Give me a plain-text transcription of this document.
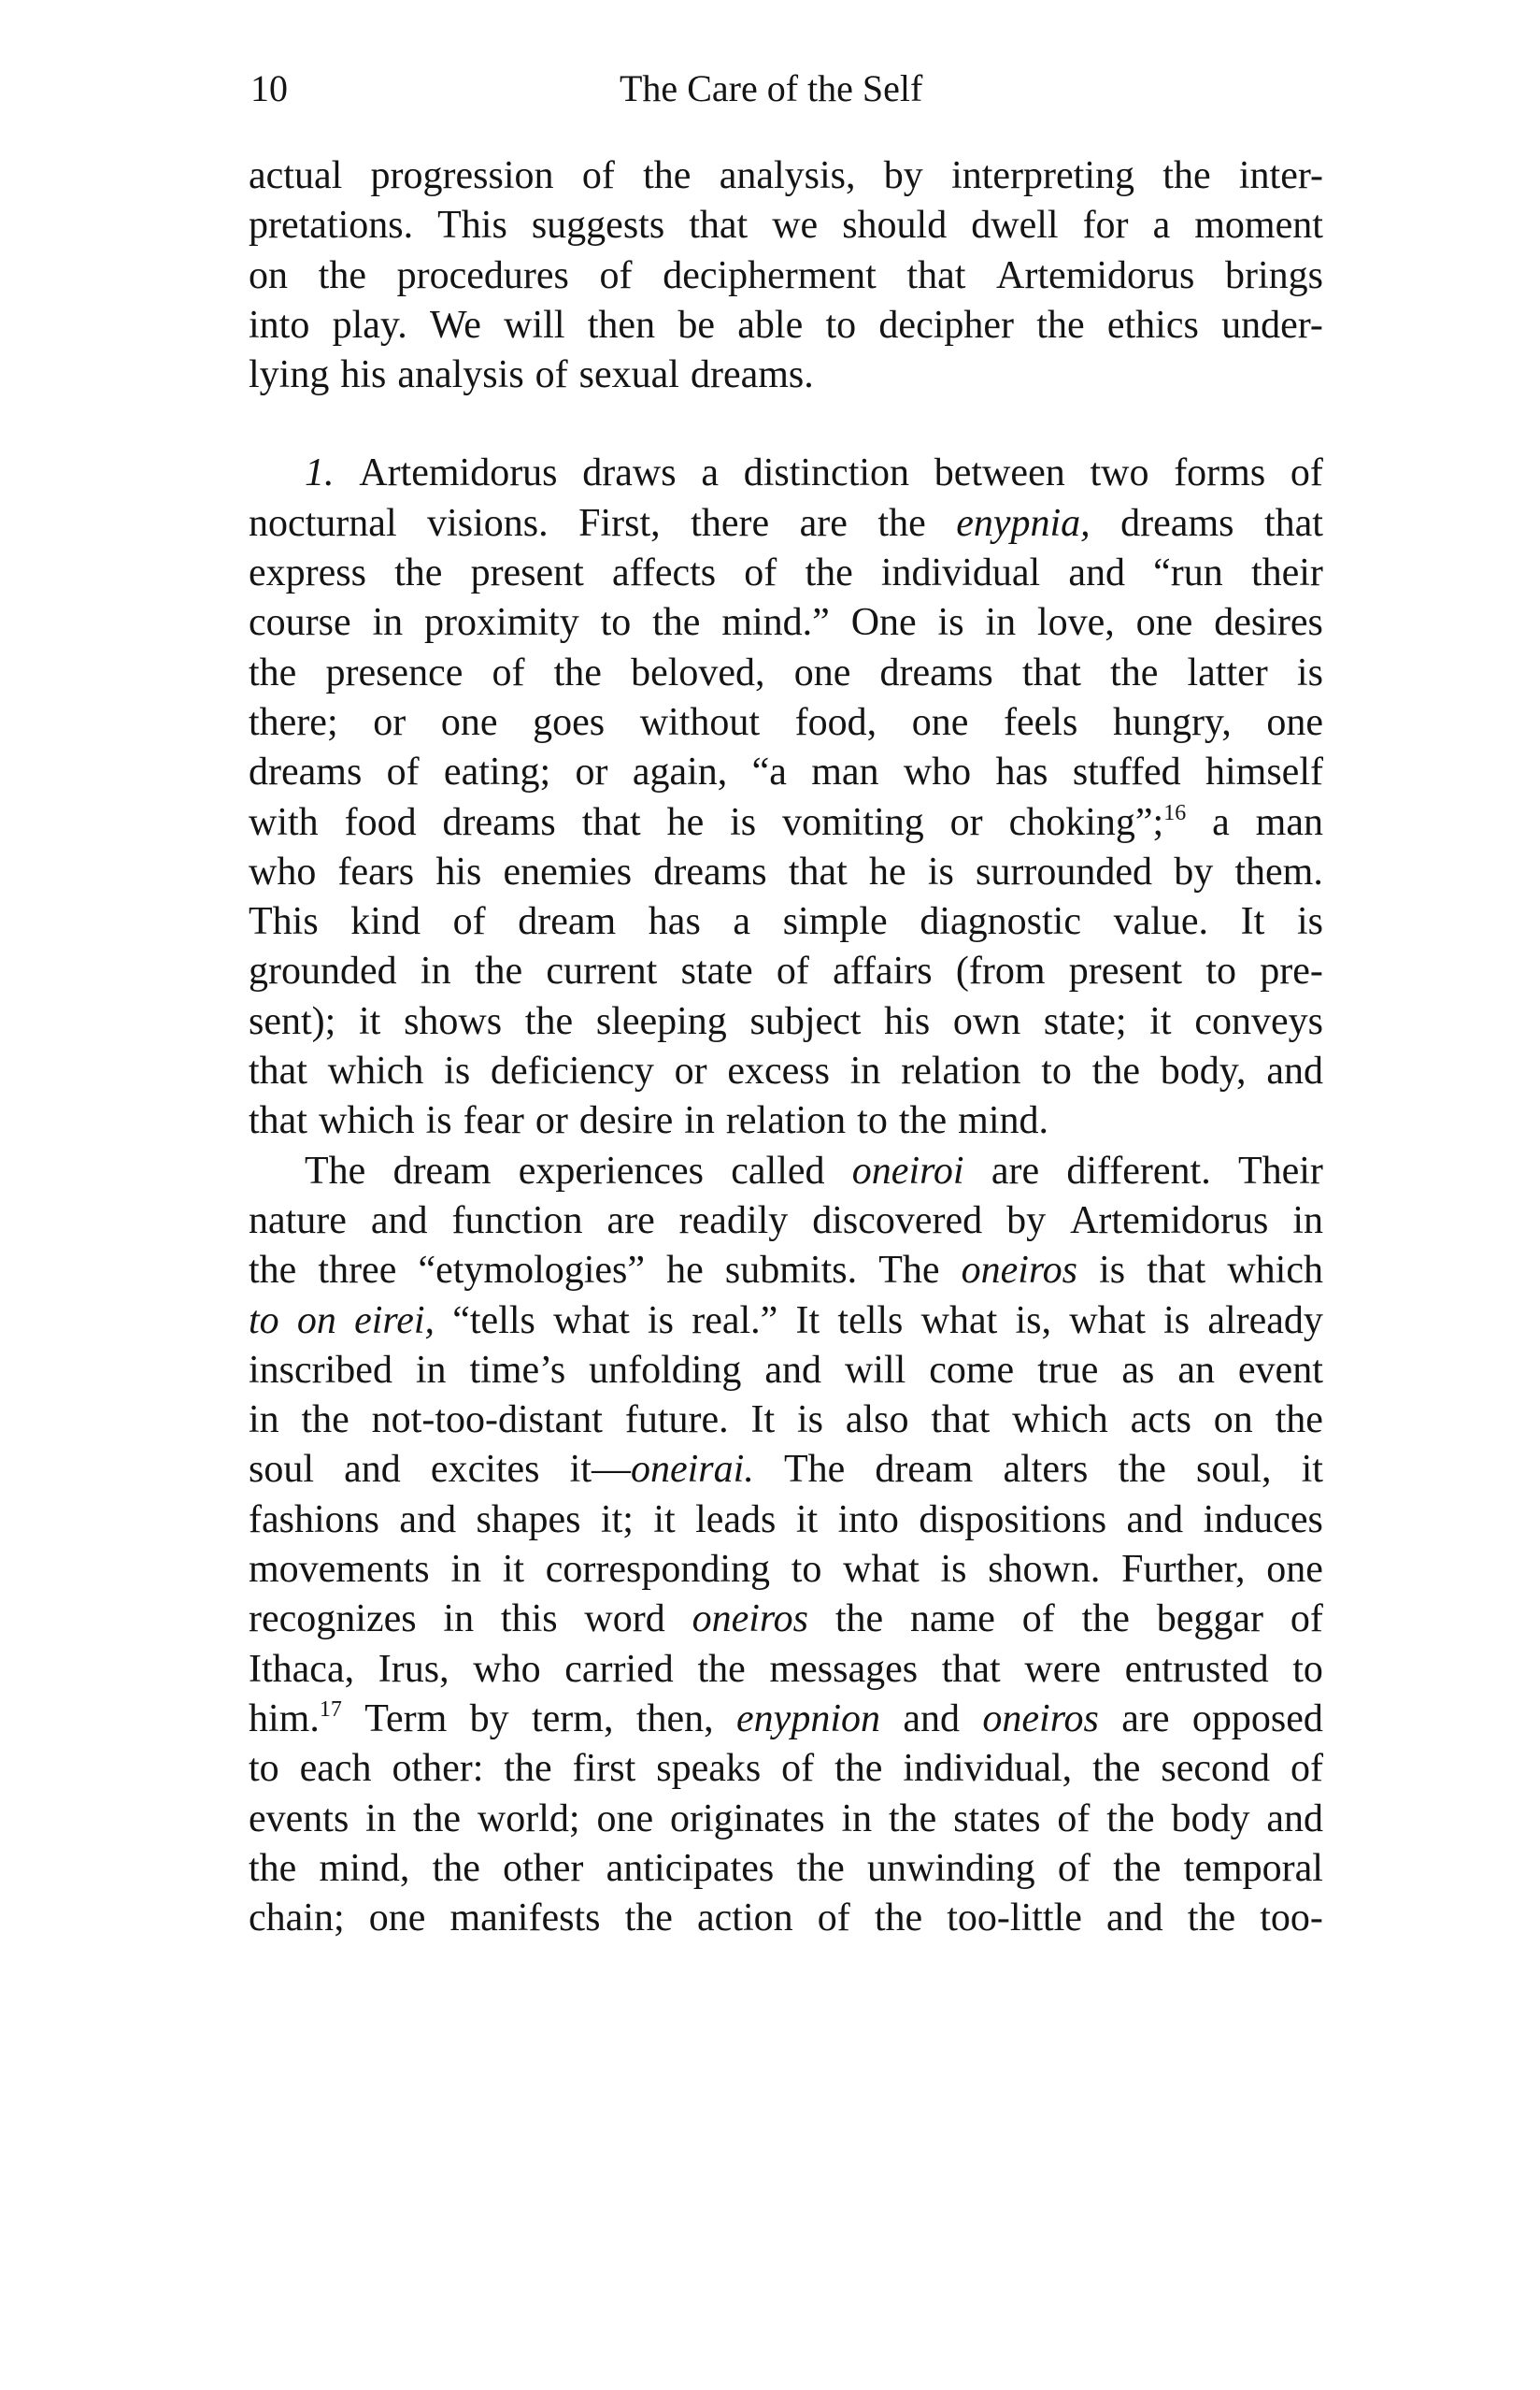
10	The Care of the Self
actual progression of the analysis, by interpreting the inter-
pretations. This suggests that we should dwell for a moment
on the procedures of decipherment that Artemidorus brings
into play. We will then be able to decipher the ethics under-
lying his analysis of sexual dreams.
1. Artemidorus draws a distinction between two forms of
nocturnal visions. First, there are the enypnia, dreams that
express the present affects of the individual and “run their
course in proximity to the mind.” One is in love, one desires
the presence of the beloved, one dreams that the latter is
there; or one goes without food, one feels hungry, one
dreams of eating; or again, “a man who has stuffed himself
with food dreams that he is vomiting or choking”;$^{16}$ a man
who fears his enemies dreams that he is surrounded by them.
This kind of dream has a simple diagnostic value. It is
grounded in the current state of affairs (from present to pre-
sent); it shows the sleeping subject his own state; it conveys
that which is deficiency or excess in relation to the body, and
that which is fear or desire in relation to the mind.
The dream experiences called oneiroi are different. Their
nature and function are readily discovered by Artemidorus in
the three “etymologies” he submits. The oneiros is that which
to on eirei, “tells what is real.” It tells what is, what is already
inscribed in time’s unfolding and will come true as an event
in the not-too-distant future. It is also that which acts on the
soul and excites it—oneirai. The dream alters the soul, it
fashions and shapes it; it leads it into dispositions and induces
movements in it corresponding to what is shown. Further, one
recognizes in this word oneiros the name of the beggar of
Ithaca, Irus, who carried the messages that were entrusted to
him.$^{17}$ Term by term, then, enypnion and oneiros are opposed
to each other: the first speaks of the individual, the second of
events in the world; one originates in the states of the body and
the mind, the other anticipates the unwinding of the temporal
chain; one manifests the action of the too-little and the too-
